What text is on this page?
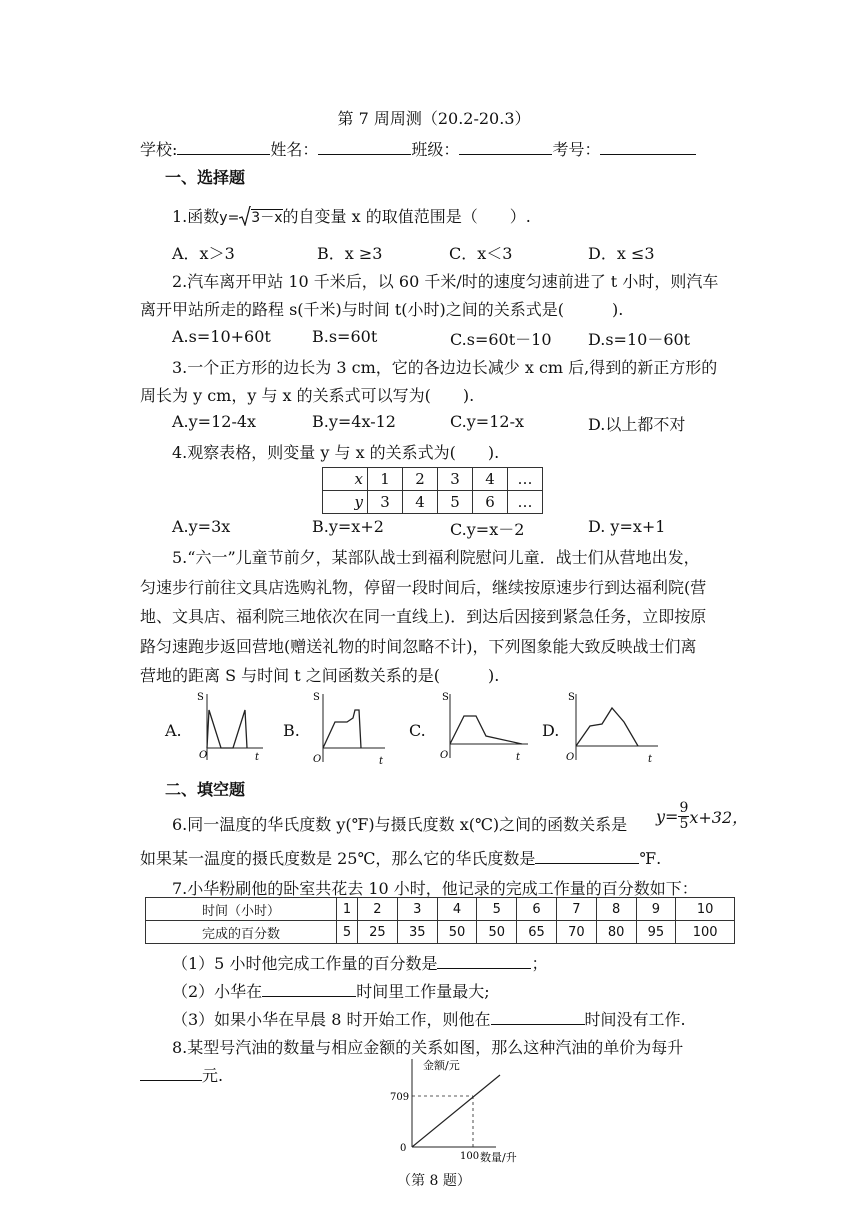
第 7 周周测（20.2-20.3）
学校:	姓名：	班级：	考号：
一、选择题
1.函数y= 3－x的自变量 x 的取值范围是（　　）.
A．x＞3	B．x ≥3	C．x＜3	D．x ≤3
2.汽车离开甲站 10 千米后，以 60 千米/时的速度匀速前进了 t 小时，则汽车
离开甲站所走的路程 s(千米)与时间 t(小时)之间的关系式是(　　　).
A.s=10+60t	B.s=60t	C.s=60t－10 D.s=10－60t
3.一个正方形的边长为 3 cm，它的各边边长减少 x cm 后,得到的新正方形的
周长为 y cm，y 与 x 的关系式可以写为(　　).
A.y=12-4x	B.y=4x-12	C.y=12-x	D.以上都不对
4.观察表格，则变量 y 与 x 的关系式为(　　).
x	1	2	3	4	…
y	3	4	5	6	…
A.y=3x	B.y=x+2	C.y=x－2	D. y=x+1
5.“六一”儿童节前夕，某部队战士到福利院慰问儿童．战士们从营地出发，
匀速步行前往文具店选购礼物，停留一段时间后，继续按原速步行到达福利院(营
地、文具店、福利院三地依次在同一直线上)．到达后因接到紧急任务，立即按原
路匀速跑步返回营地(赠送礼物的时间忽略不计)，下列图象能大致反映战士们离
营地的距离 S 与时间 t 之间函数关系的是(　　　).
A.
S
O	t
B.
S
O	t
C.
S
O	t
D.
S
O	t
二、填空题
6.同一温度的华氏度数 y(℉)与摄氏度数 x(℃)之间的函数关系是 $y= \frac{9}{5} x+32$，
如果某一温度的摄氏度数是 25℃，那么它的华氏度数是	℉.
7.小华粉刷他的卧室共花去 10 小时，他记录的完成工作量的百分数如下：
时间（小时）	1	2	3	4	5	6	7	8	9	10
完成的百分数	5	25	35	50	50	65	70	80	95	100
（1）5 小时他完成工作量的百分数是	；
（2）小华在	时间里工作量最大;
（3）如果小华在早晨 8 时开始工作，则他在	时间没有工作.
8.某型号汽油的数量与相应金额的关系如图，那么这种汽油的单价为每升
元.
金额/元
709
0
100 数量/升
（第 8 题）
